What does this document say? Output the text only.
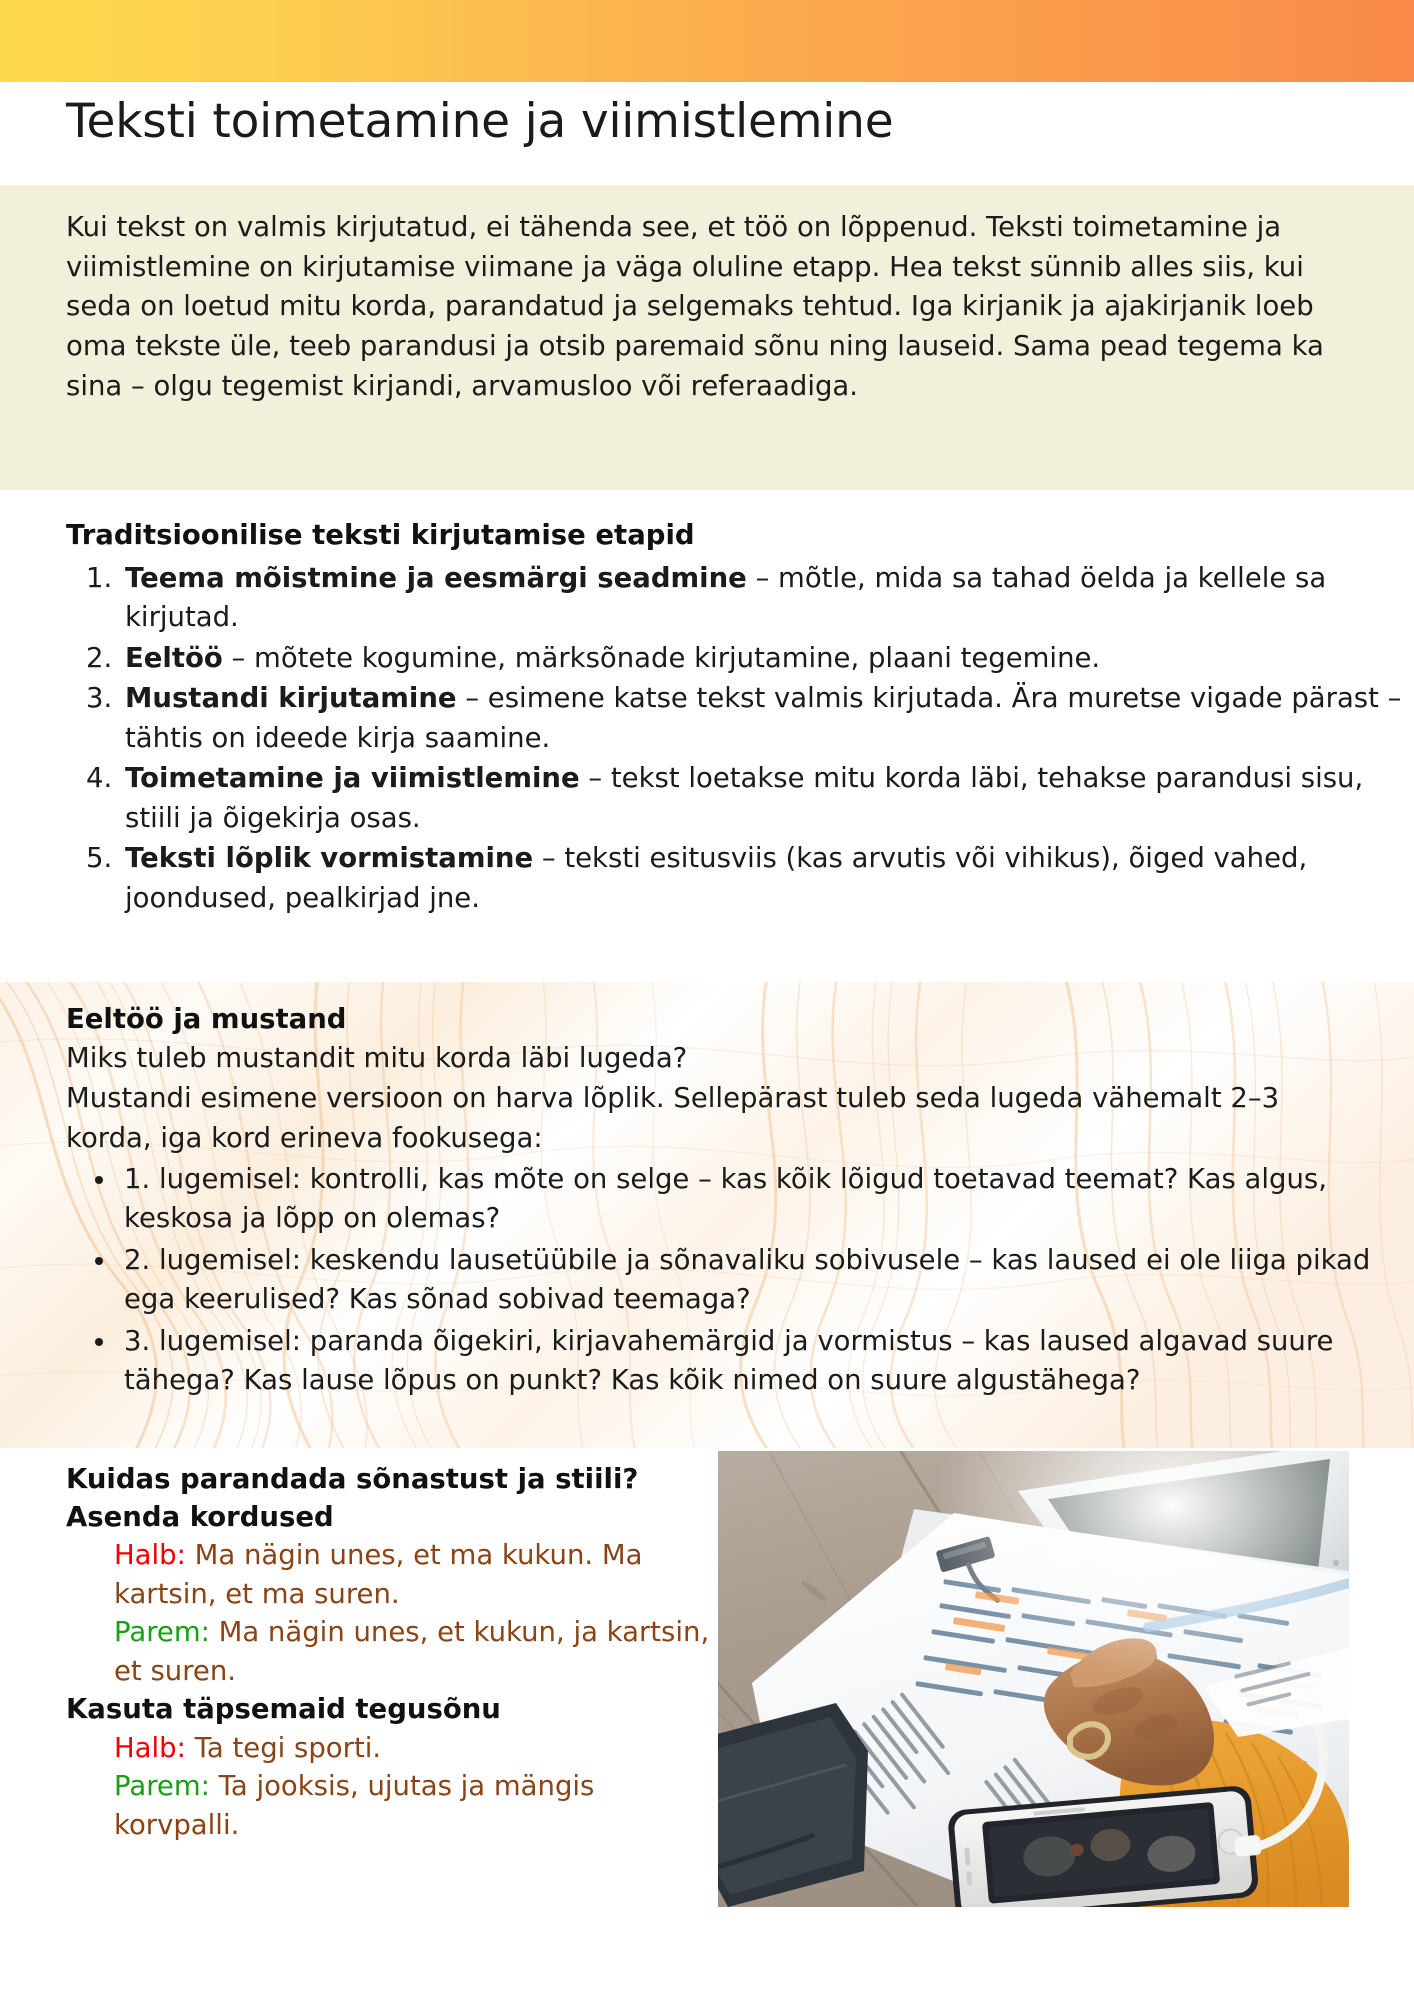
Teksti toimetamine ja viimistlemine
Kui tekst on valmis kirjutatud, ei tähenda see, et töö on lõppenud. Teksti toimetamine ja viimistlemine on kirjutamise viimane ja väga oluline etapp. Hea tekst sünnib alles siis, kui seda on loetud mitu korda, parandatud ja selgemaks tehtud. Iga kirjanik ja ajakirjanik loeb oma tekste üle, teeb parandusi ja otsib paremaid sõnu ning lauseid. Sama pead tegema ka sina – olgu tegemist kirjandi, arvamusloo või referaadiga.
Traditsioonilise teksti kirjutamise etapid
1. Teema mõistmine ja eesmärgi seadmine – mõtle, mida sa tahad öelda ja kellele sa kirjutad.
2. Eeltöö – mõtete kogumine, märksõnade kirjutamine, plaani tegemine.
3. Mustandi kirjutamine – esimene katse tekst valmis kirjutada. Ära muretse vigade pärast – tähtis on ideede kirja saamine.
4. Toimetamine ja viimistlemine – tekst loetakse mitu korda läbi, tehakse parandusi sisu, stiili ja õigekirja osas.
5. Teksti lõplik vormistamine – teksti esitusviis (kas arvutis või vihikus), õiged vahed, joondused, pealkirjad jne.
Eeltöö ja mustand
Miks tuleb mustandit mitu korda läbi lugeda?
Mustandi esimene versioon on harva lõplik. Sellepärast tuleb seda lugeda vähemalt 2–3 korda, iga kord erineva fookusega:
• 1. lugemisel: kontrolli, kas mõte on selge – kas kõik lõigud toetavad teemat? Kas algus, keskosa ja lõpp on olemas?
• 2. lugemisel: keskendu lausetüübile ja sõnavaliku sobivusele – kas laused ei ole liiga pikad ega keerulised? Kas sõnad sobivad teemaga?
• 3. lugemisel: paranda õigekiri, kirjavahemärgid ja vormistus – kas laused algavad suure tähega? Kas lause lõpus on punkt? Kas kõik nimed on suure algustähega?
Kuidas parandada sõnastust ja stiili?
Asenda kordused
Halb: Ma nägin unes, et ma kukun. Ma kartsin, et ma suren.
Parem: Ma nägin unes, et kukun, ja kartsin, et suren.
Kasuta täpsemaid tegusõnu
Halb: Ta tegi sporti.
Parem: Ta jooksis, ujutas ja mängis korvpalli.
